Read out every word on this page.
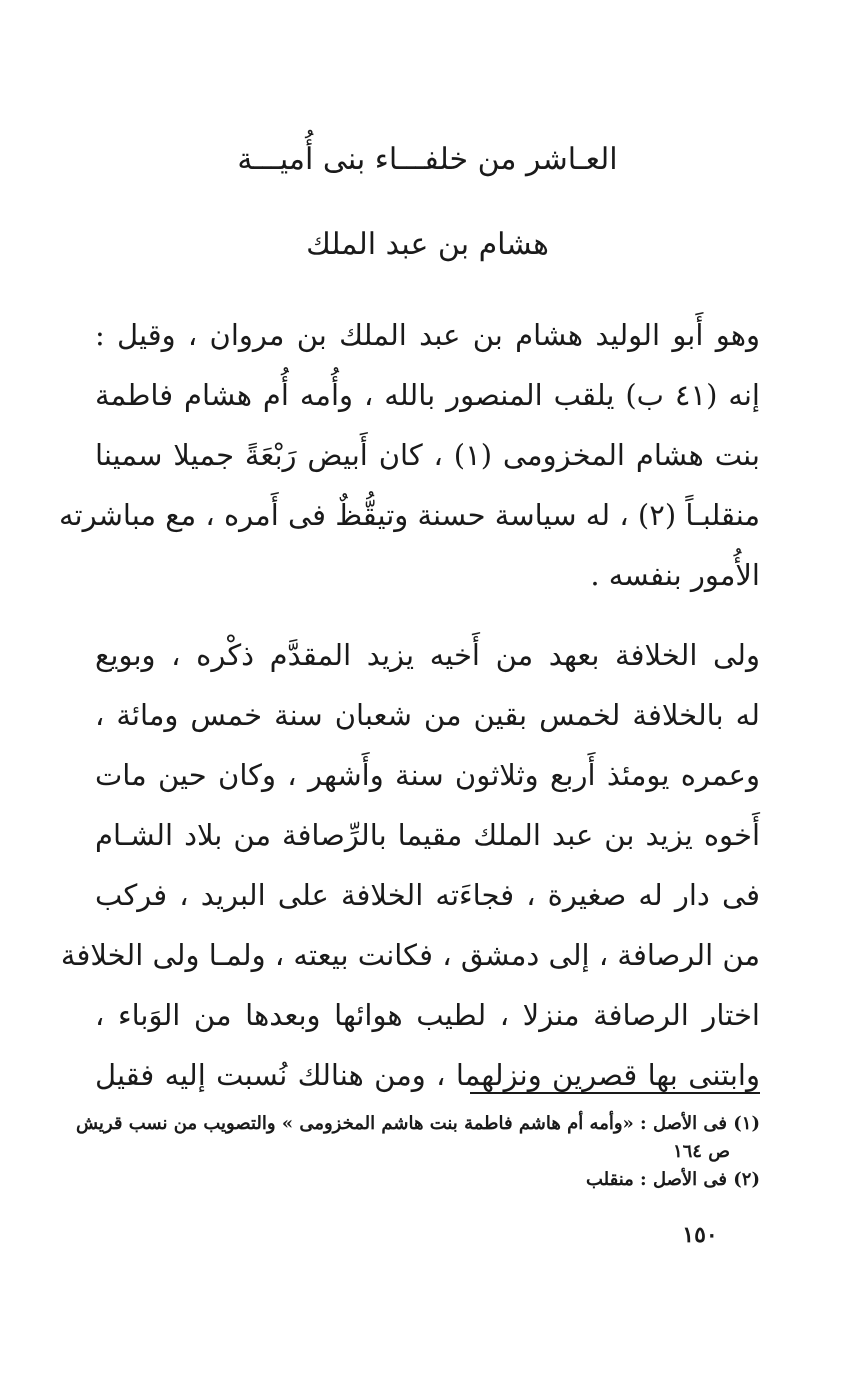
العـاشر من خلفـــاء بنى أُميـــة
هشام بن عبد الملك
وهو أَبو الوليد هشام بن عبد الملك بن مروان ، وقيل :
إنه (٤١ ب) يلقب المنصور بالله ، وأُمه أُم هشام فاطمة
بنت هشام المخزومى (١) ، كان أَبيض رَبْعَةً جميلا سمينا
منقلبـاً (٢) ، له سياسة حسنة وتيقُّظٌ فى أَمره ، مع مباشرته
الأُمور بنفسه .
ولى الخلافة بعهد من أَخيه يزيد المقدَّم ذكْره ، وبويع
له بالخلافة لخمس بقين من شعبان سنة خمس ومائة ،
وعمره يومئذ أَربع وثلاثون سنة وأَشهر ، وكان حين مات
أَخوه يزيد بن عبد الملك مقيما بالرِّصافة من بلاد الشـام
فى دار له صغيرة ، فجاءَته الخلافة على البريد ، فركب
من الرصافة ، إلى دمشق ، فكانت بيعته ، ولمـا ولى الخلافة
اختار الرصافة منزلا ، لطيب هوائها وبعدها من الوَباء ،
وابتنى بها قصرين ونزلهما ، ومن هنالك نُسبت إليه فقيل
(١) فى الأصل : «وأمه أم هاشم فاطمة بنت هاشم المخزومى » والتصويب من نسب قريش
ص ١٦٤
(٢) فى الأصل : منقلب
١٥٠
